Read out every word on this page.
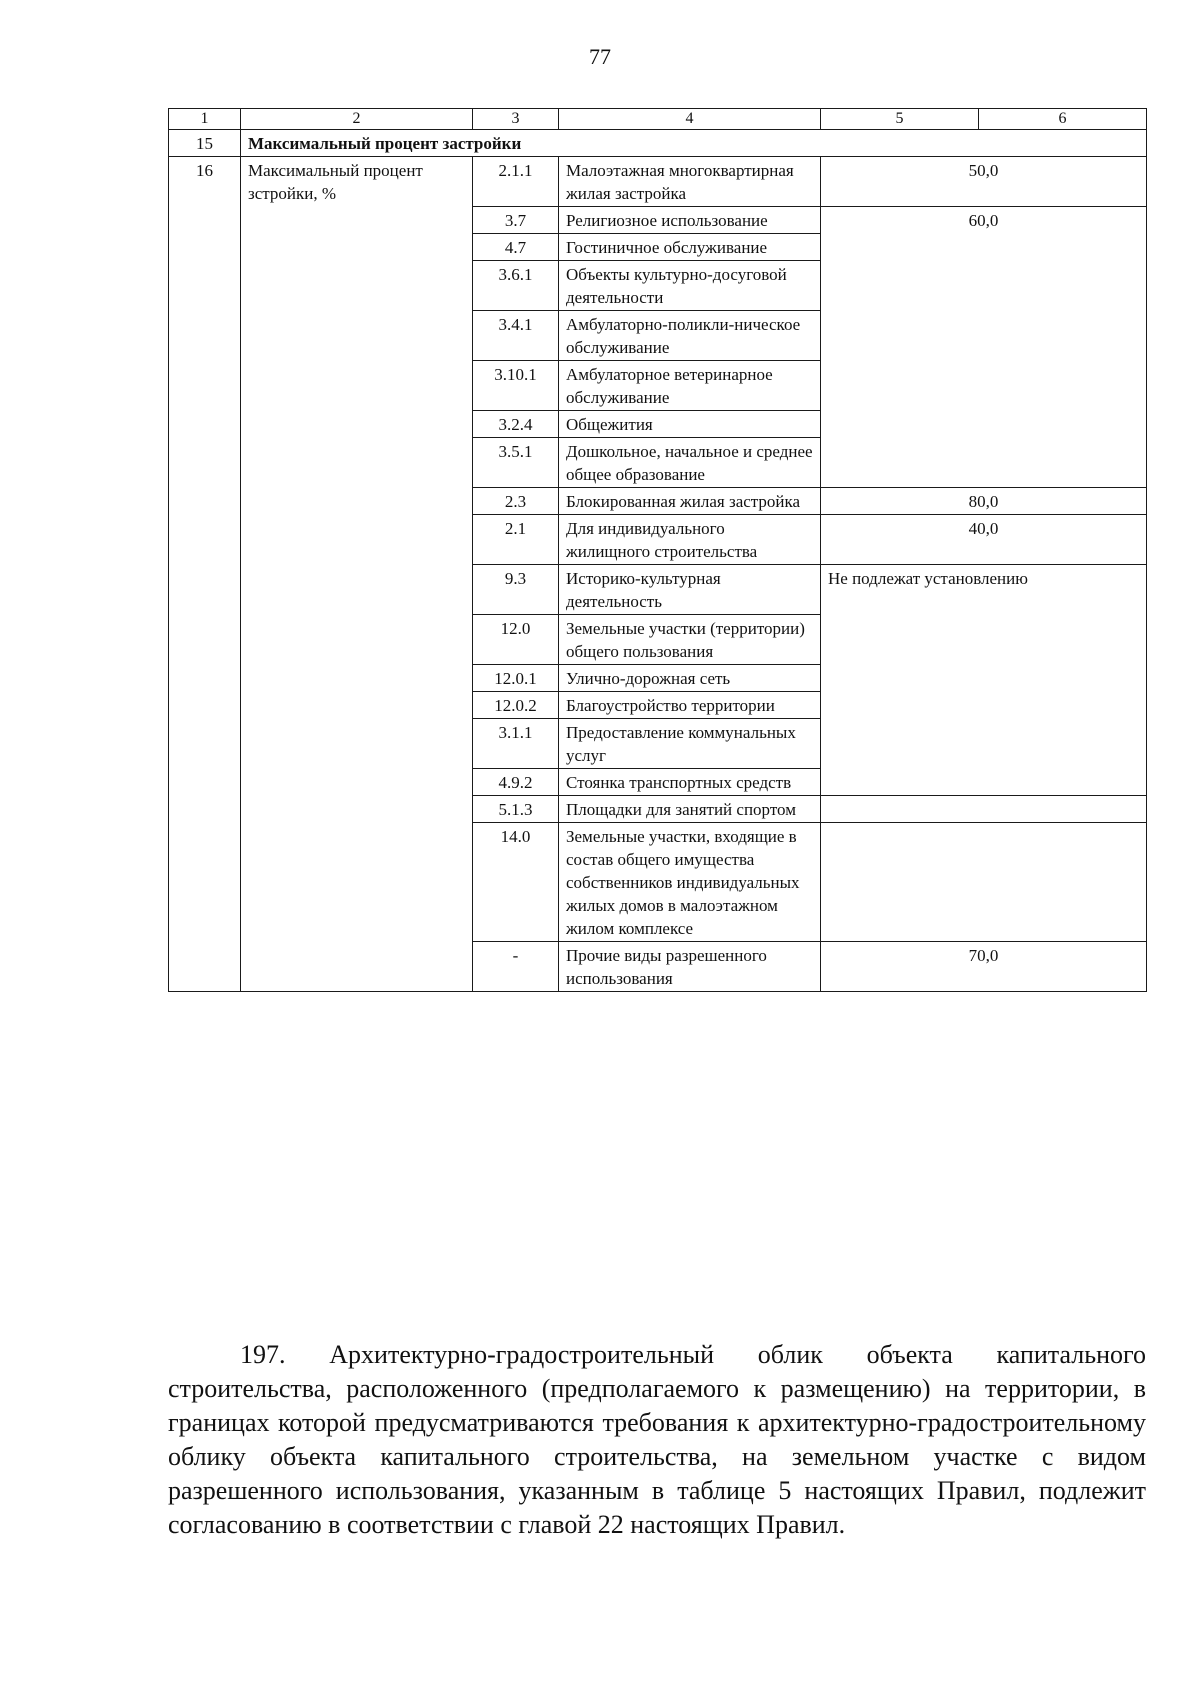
77
1	2	3	4	5	6
15	Максимальный процент застройки				
16	Максимальный процент зстройки, %	2.1.1	Малоэтажная многоквартирная жилая застройка	50,0	
		3.7	Религиозное использование	60,0	
		4.7	Гостиничное обслуживание		
		3.6.1	Объекты культурно-досуговой деятельности		
		3.4.1	Амбулаторно-поликли-ническое обслуживание		
		3.10.1	Амбулаторное ветеринарное обслуживание		
		3.2.4	Общежития		
		3.5.1	Дошкольное, начальное и среднее общее образование		
		2.3	Блокированная жилая застройка	80,0	
		2.1	Для индивидуального жилищного строительства	40,0	
		9.3	Историко-культурная деятельность	Не подлежат установлению	
		12.0	Земельные участки (территории) общего пользования		
		12.0.1	Улично-дорожная сеть		
		12.0.2	Благоустройство территории		
		3.1.1	Предоставление коммунальных услуг		
		4.9.2	Стоянка транспортных средств		
		5.1.3	Площадки для занятий спортом		
		14.0	Земельные участки, входящие в состав общего имущества собственников индивидуальных жилых домов в малоэтажном жилом комплексе		
		-	Прочие виды разрешенного использования	70,0	
197. Архитектурно-градостроительный облик объекта капитального строительства, расположенного (предполагаемого к размещению) на территории, в границах которой предусматриваются требования к архитектурно-градостроительному облику объекта капитального строительства, на земельном участке с видом разрешенного использования, указанным в таблице 5 настоящих Правил, подлежит согласованию в соответствии с главой 22 настоящих Правил.
